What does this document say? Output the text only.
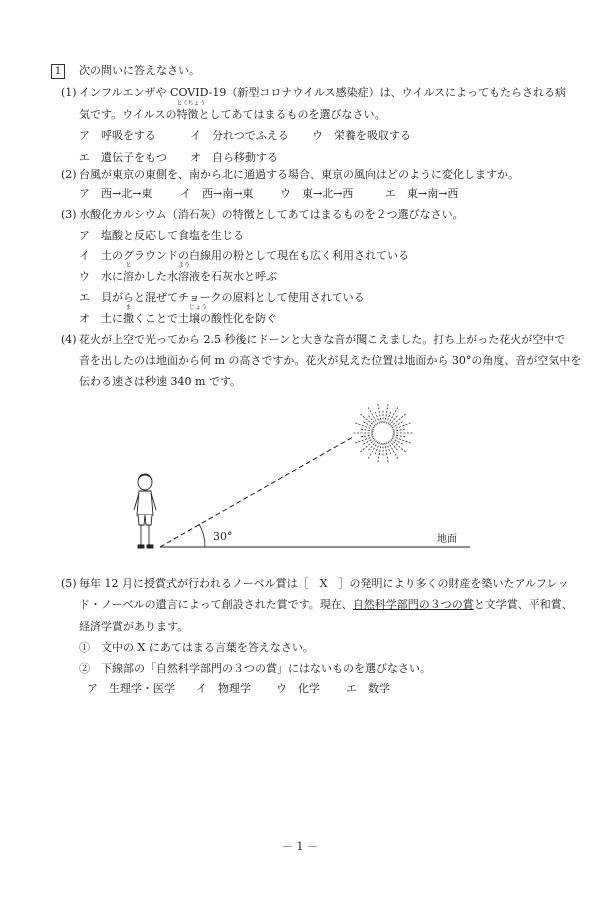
1	次の問いに答えなさい。
(1) インフルエンザや COVID-19（新型コロナウイルス感染症）は、ウイルスによってもたらされる病
気です。ウイルスの
とく
特
ちょう
徴としてあてはまるものを選びなさい。
ア　 呼吸をする	イ　 分れつでふえる ウ　 栄養を吸収する
エ　 遺伝子をもつ オ　 自ら移動する
(2) 台風が東京の東側を、南から北に通過する場合、東京の風向はどのように変化しますか。
ア　 西→北→東	イ　 西→南→東 ウ　 東→北→西	エ　 東→南→西
(3) 水酸化カルシウム（消石灰）の特徴としてあてはまるものを２つ選びなさい。
ア　 塩酸と反応して食塩を生じる
イ　 土のグラウンドの白線用の粉として現在も広く利用されている
ウ　 水に
と
溶かした水
よう
溶液を石灰水と呼ぶ
エ　 貝がらと混ぜてチョークの原料として使用されている
オ　 土に
ま
撒くことで土
じょう
壌の酸性化を防ぐ
(4) 花火が上空で光ってから 2.5 秒後にドーンと大きな音が聞こえました。打ち上がった花火が空中で
音を出したのは地面から何 m の高さですか。花火が見えた位置は地面から 30°の角度、音が空気中を
伝わる速さは秒速 340 m です。
30°	地面
(5) 毎年 12 月に授賞式が行われるノーベル賞は［　X　］の発明により多くの財産を築いたアルフレッ
ド・ノーベルの遺言によって創設された賞です。現在、自然科学部門の３つの賞と文学賞、平和賞、
経済学賞があります。
①　 文中の X にあてはまる言葉を答えなさい。
②　 下線部の「自然科学部門の３つの賞」にはないものを選びなさい。
ア　 生理学・医学 イ　 物理学 ウ　 化学 エ　 数学
－ 1 －
